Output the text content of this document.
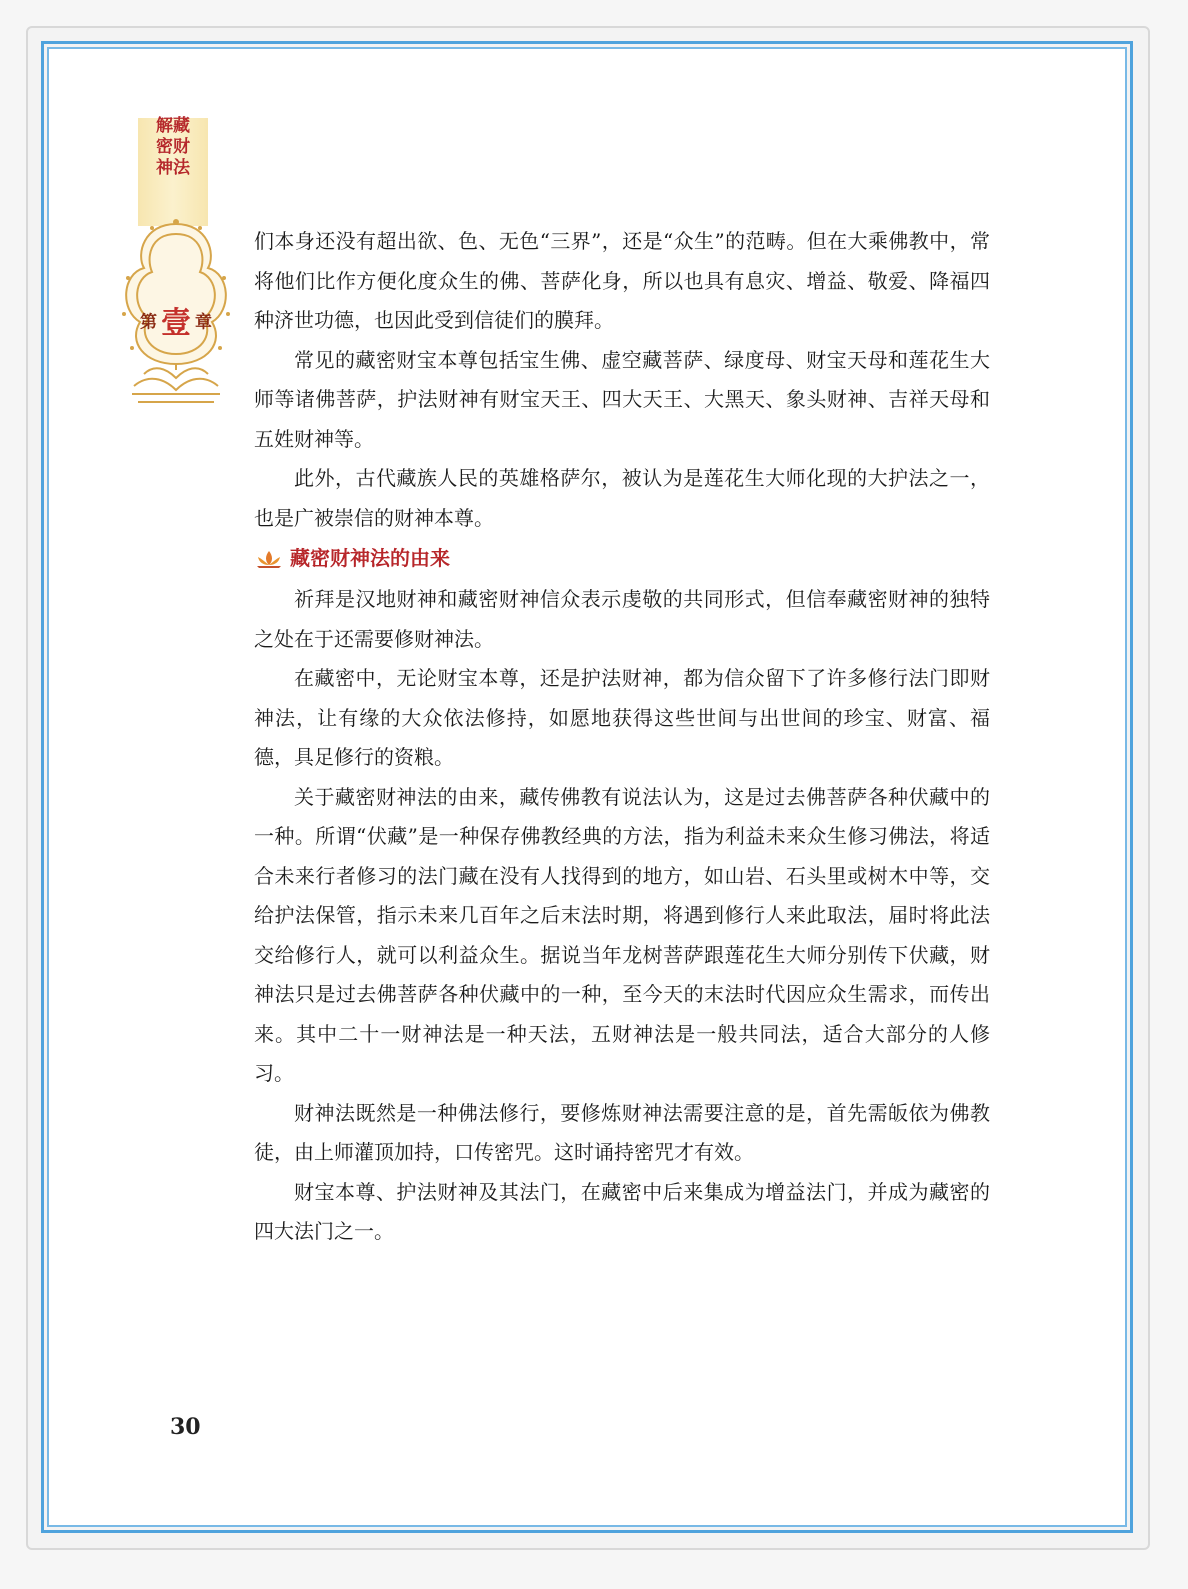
解藏密财神法
第 壹 章

们本身还没有超出欲、色、无色“三界”，还是“众生”的范畴。但在大乘佛教中，常将他们比作方便化度众生的佛、菩萨化身，所以也具有息灾、增益、敬爱、降福四种济世功德，也因此受到信徒们的膜拜。

常见的藏密财宝本尊包括宝生佛、虚空藏菩萨、绿度母、财宝天母和莲花生大师等诸佛菩萨，护法财神有财宝天王、四大天王、大黑天、象头财神、吉祥天母和五姓财神等。

此外，古代藏族人民的英雄格萨尔，被认为是莲花生大师化现的大护法之一，也是广被崇信的财神本尊。

藏密财神法的由来

祈拜是汉地财神和藏密财神信众表示虔敬的共同形式，但信奉藏密财神的独特之处在于还需要修财神法。

在藏密中，无论财宝本尊，还是护法财神，都为信众留下了许多修行法门即财神法，让有缘的大众依法修持，如愿地获得这些世间与出世间的珍宝、财富、福德，具足修行的资粮。

关于藏密财神法的由来，藏传佛教有说法认为，这是过去佛菩萨各种伏藏中的一种。所谓“伏藏”是一种保存佛教经典的方法，指为利益未来众生修习佛法，将适合未来行者修习的法门藏在没有人找得到的地方，如山岩、石头里或树木中等，交给护法保管，指示未来几百年之后末法时期，将遇到修行人来此取法，届时将此法交给修行人，就可以利益众生。据说当年龙树菩萨跟莲花生大师分别传下伏藏，财神法只是过去佛菩萨各种伏藏中的一种，至今天的末法时代因应众生需求，而传出来。其中二十一财神法是一种天法，五财神法是一般共同法，适合大部分的人修习。

财神法既然是一种佛法修行，要修炼财神法需要注意的是，首先需皈依为佛教徒，由上师灌顶加持，口传密咒。这时诵持密咒才有效。

财宝本尊、护法财神及其法门，在藏密中后来集成为增益法门，并成为藏密的四大法门之一。

30
